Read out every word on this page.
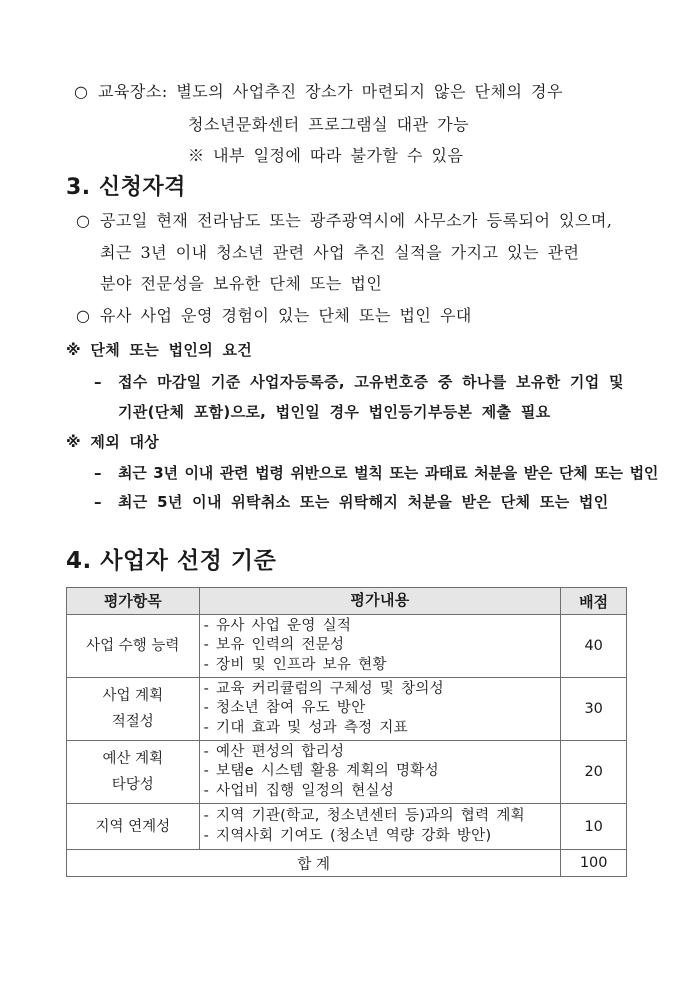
○ 교육장소: 별도의 사업추진 장소가 마련되지 않은 단체의 경우
청소년문화센터 프로그램실 대관 가능
※ 내부 일정에 따라 불가할 수 있음
3. 신청자격
○ 공고일 현재 전라남도 또는 광주광역시에 사무소가 등록되어 있으며,
최근 3년 이내 청소년 관련 사업 추진 실적을 가지고 있는 관련
분야 전문성을 보유한 단체 또는 법인
○ 유사 사업 운영 경험이 있는 단체 또는 법인 우대
※ 단체 또는 법인의 요건
– 접수 마감일 기준 사업자등록증, 고유번호증 중 하나를 보유한 기업 및
기관(단체 포함)으로, 법인일 경우 법인등기부등본 제출 필요
※ 제외 대상
– 최근 3년 이내 관련 법령 위반으로 벌칙 또는 과태료 처분을 받은 단체 또는 법인
– 최근 5년 이내 위탁취소 또는 위탁해지 처분을 받은 단체 또는 법인
4. 사업자 선정 기준
평가항목	평가내용	배점

사업 수행 능력	- 유사 사업 운영 실적
- 보유 인력의 전문성
- 장비 및 인프라 보유 현황	40

사업 계획
적절성	- 교육 커리큘럼의 구체성 및 창의성
- 청소년 참여 유도 방안
- 기대 효과 및 성과 측정 지표	30

예산 계획
타당성	- 예산 편성의 합리성
- 보탬e 시스템 활용 계획의 명확성
- 사업비 집행 일정의 현실성	20

지역 연계성	- 지역 기관(학교, 청소년센터 등)과의 협력 계획
- 지역사회 기여도 (청소년 역량 강화 방안)	10
합 계		100
